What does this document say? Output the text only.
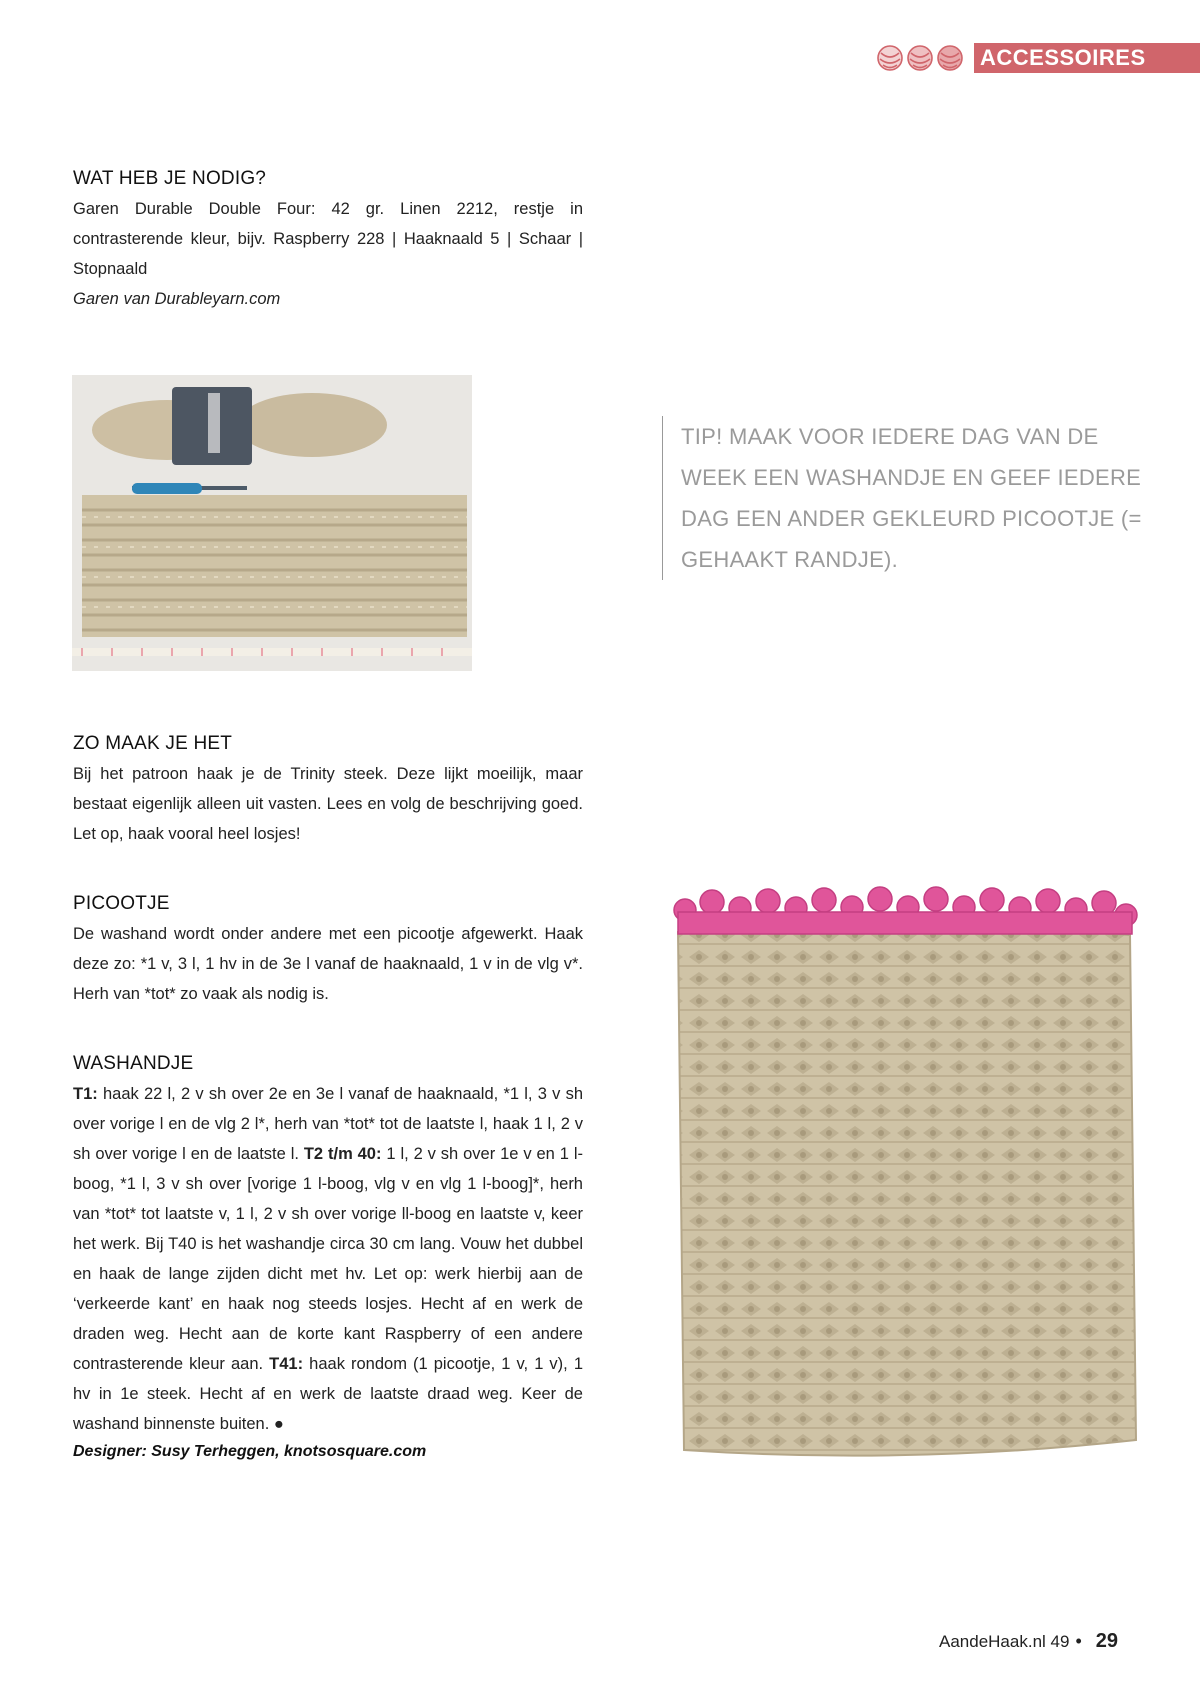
ACCESSOIRES
WAT HEB JE NODIG?

Garen Durable Double Four: 42 gr. Linen 2212, restje in contrasterende kleur, bijv. Raspberry 228 | Haaknaald 5 | Schaar | Stopnaald

Garen van Durableyarn.com

TIP! MAAK VOOR IEDERE DAG VAN DE WEEK EEN WASHANDJE EN GEEF IEDERE DAG EEN ANDER GEKLEURD PICOOTJE (= GEHAAKT RANDJE).
ZO MAAK JE HET

Bij het patroon haak je de Trinity steek. Deze lijkt moeilijk, maar bestaat eigenlijk alleen uit vasten. Lees en volg de beschrijving goed. Let op, haak vooral heel losjes!

PICOOTJE

De washand wordt onder andere met een picootje afgewerkt. Haak deze zo: *1 v, 3 l, 1 hv in de 3e l vanaf de haaknaald, 1 v in de vlg v*. Herh van *tot* zo vaak als nodig is.

WASHANDJE

T1: haak 22 l, 2 v sh over 2e en 3e l vanaf de haaknaald, *1 l, 3 v sh over vorige l en de vlg 2 l*, herh van *tot* tot de laatste l, haak 1 l, 2 v sh over vorige l en de laatste l. T2 t/m 40: 1 l, 2 v sh over 1e v en 1 l-boog, *1 l, 3 v sh over [vorige 1 l-boog, vlg v en vlg 1 l-boog]*, herh van *tot* tot laatste v, 1 l, 2 v sh over vorige ll-boog en laatste v, keer het werk. Bij T40 is het washandje circa 30 cm lang. Vouw het dubbel en haak de lange zijden dicht met hv. Let op: werk hierbij aan de ‘verkeerde kant’ en haak nog steeds losjes. Hecht af en werk de draden weg. Hecht aan de korte kant Raspberry of een andere contrasterende kleur aan. T41: haak rondom (1 picootje, 1 v, 1 v), 1 hv in 1e steek. Hecht af en werk de laatste draad weg. Keer de washand binnenste buiten. ●

Designer: Susy Terheggen, knotsosquare.com
AandeHaak.nl 49 • 29
